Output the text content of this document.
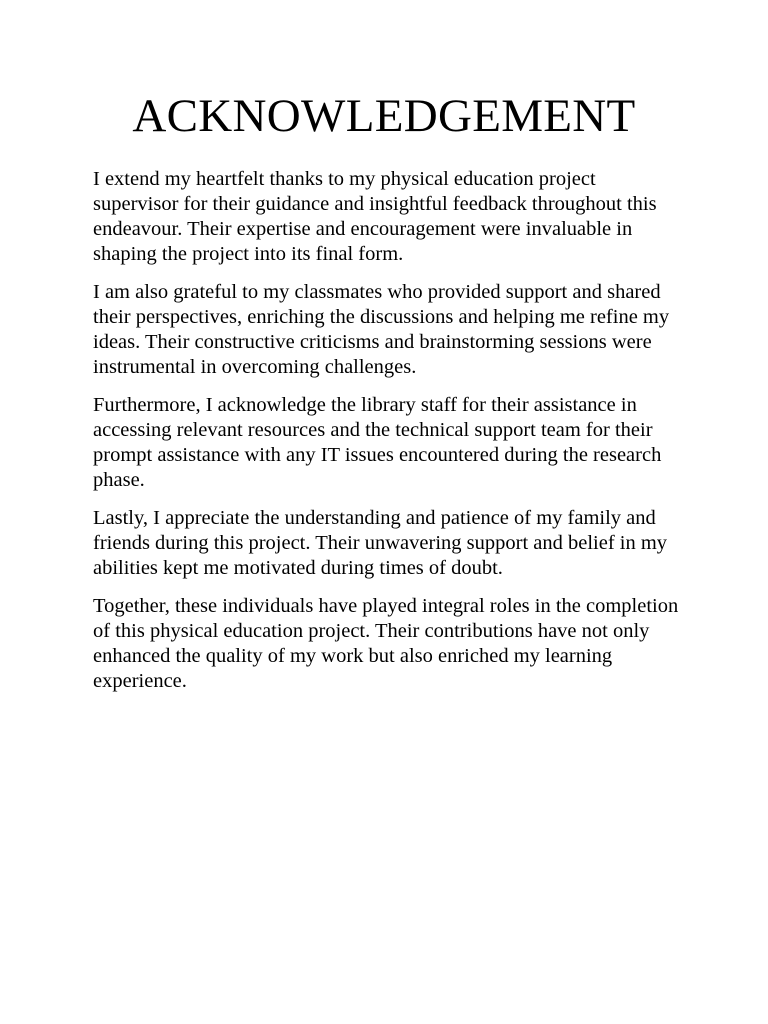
ACKNOWLEDGEMENT

I extend my heartfelt thanks to my physical education project supervisor for their guidance and insightful feedback throughout this endeavour. Their expertise and encouragement were invaluable in shaping the project into its final form.

I am also grateful to my classmates who provided support and shared their perspectives, enriching the discussions and helping me refine my ideas. Their constructive criticisms and brainstorming sessions were instrumental in overcoming challenges.

Furthermore, I acknowledge the library staff for their assistance in accessing relevant resources and the technical support team for their prompt assistance with any IT issues encountered during the research phase.

Lastly, I appreciate the understanding and patience of my family and friends during this project. Their unwavering support and belief in my abilities kept me motivated during times of doubt.

Together, these individuals have played integral roles in the completion of this physical education project. Their contributions have not only enhanced the quality of my work but also enriched my learning experience.
